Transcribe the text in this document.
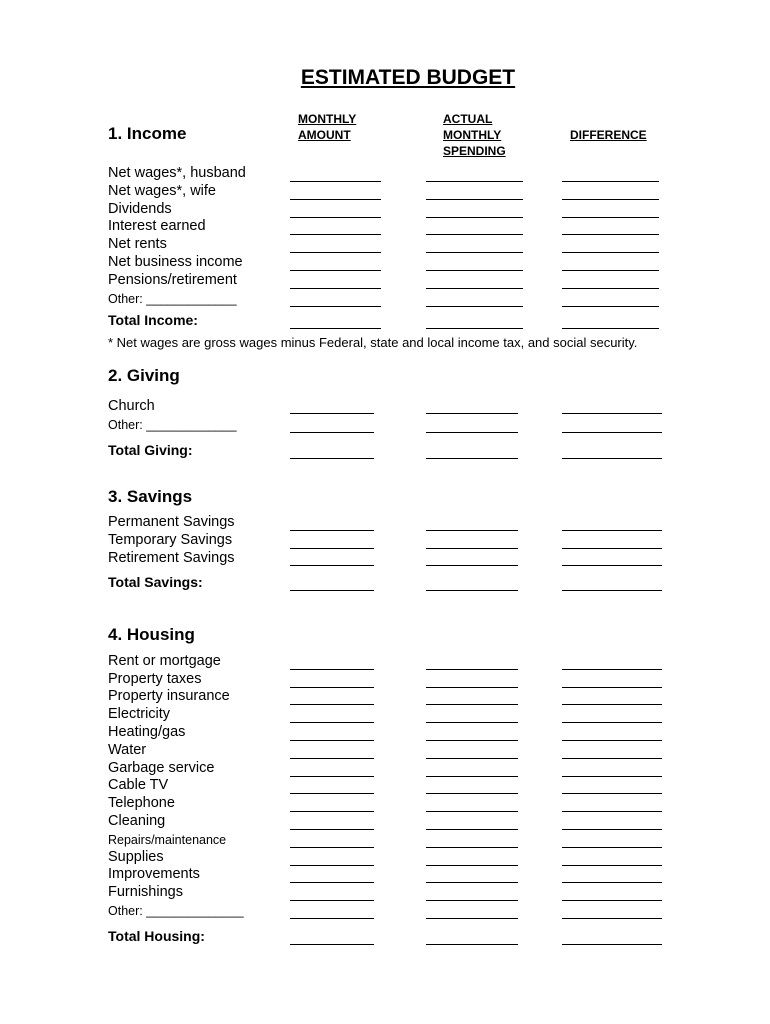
ESTIMATED BUDGET
MONTHLY
AMOUNT
ACTUAL
MONTHLY
SPENDING
DIFFERENCE
1. Income
2. Giving
3. Savings
4. Housing
Net wages*, husband
Net wages*, wife
Dividends
Interest earned
Net rents
Net business income
Pensions/retirement
Other: _____________
Total Income:
* Net wages are gross wages minus Federal, state and local income tax, and social security.
Church
Other: _____________
Total Giving:
Permanent Savings
Temporary Savings
Retirement Savings
Total Savings:
Rent or mortgage
Property taxes
Property insurance
Electricity
Heating/gas
Water
Garbage service
Cable TV
Telephone
Cleaning
Repairs/maintenance
Supplies
Improvements
Furnishings
Other: ______________
Total Housing:
